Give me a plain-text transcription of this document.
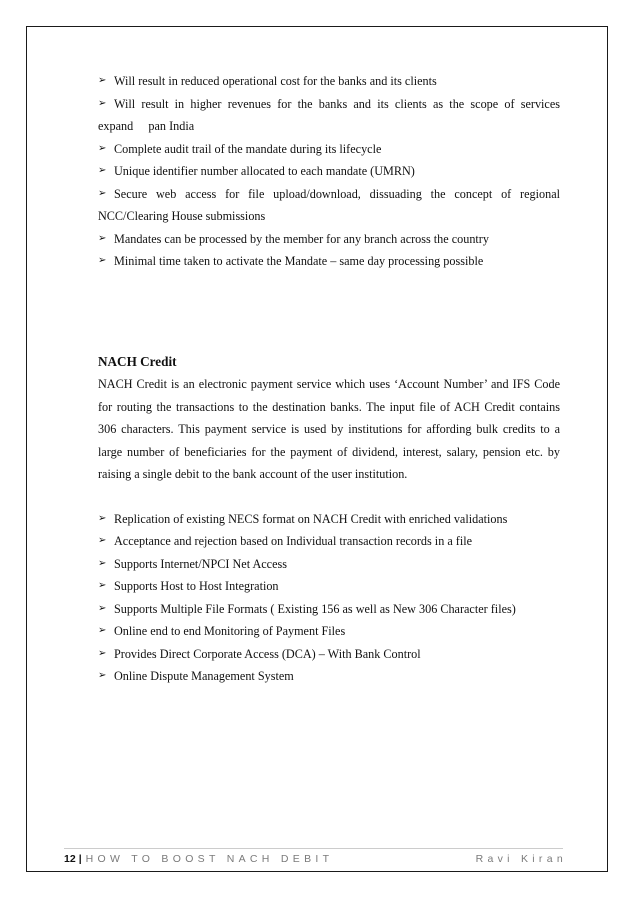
➢ Will result in reduced operational cost for the banks and its clients
➢ Will result in higher revenues for the banks and its clients as the scope of services
expand     pan India
➢ Complete audit trail of the mandate during its lifecycle
➢ Unique identifier number allocated to each mandate (UMRN)
➢ Secure web access for file upload/download, dissuading the concept of regional
NCC/Clearing House submissions
➢ Mandates can be processed by the member for any branch across the country
➢ Minimal time taken to activate the Mandate – same day processing possible
NACH Credit
NACH Credit is an electronic payment service which uses ‘Account Number’ and IFS Code for routing the transactions to the destination banks. The input file of ACH Credit contains 306 characters. This payment service is used by institutions for affording bulk credits to a large number of beneficiaries for the payment of dividend, interest, salary, pension etc. by raising a single debit to the bank account of the user institution.
➢ Replication of existing NECS format on NACH Credit with enriched validations
➢ Acceptance and rejection based on Individual transaction records in a file
➢ Supports Internet/NPCI Net Access
➢ Supports Host to Host Integration
➢ Supports Multiple File Formats ( Existing 156 as well as New 306 Character files)
➢ Online end to end Monitoring of Payment Files
➢ Provides Direct Corporate Access (DCA) – With Bank Control
➢ Online Dispute Management System
12 | HOW TO BOOST NACH DEBIT	Ravi Kiran
